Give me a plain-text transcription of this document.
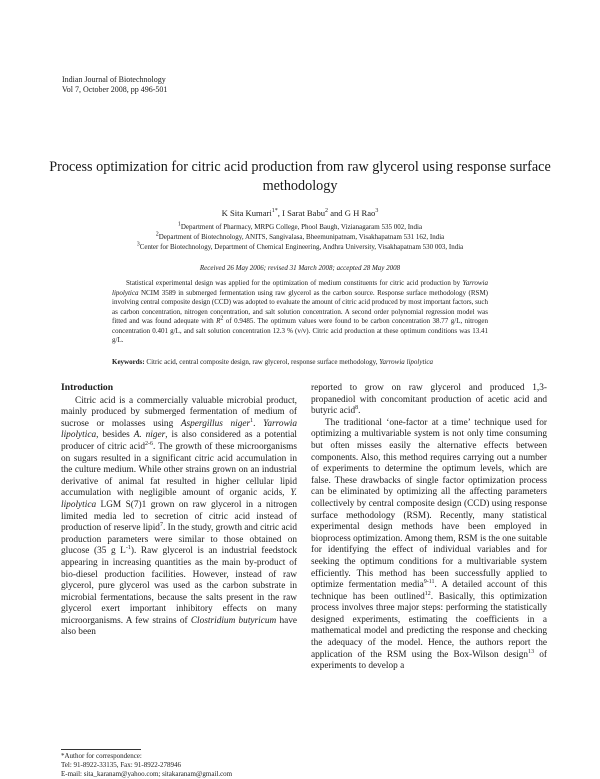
Indian Journal of Biotechnology
Vol 7, October 2008, pp 496-501
Process optimization for citric acid production from raw glycerol using response surface methodology
K Sita Kumari$^{1*}$, I Sarat Babu$^2$ and G H Rao$^3$
$^1$Department of Pharmacy, MRPG College, Phool Baugh, Vizianagaram 535 002, India
$^2$Department of Biotechnology, ANITS, Sangivalasa, Bheemunipatnam, Visakhapatnam 531 162, India
$^3$Center for Biotechnology, Department of Chemical Engineering, Andhra University, Visakhapatnam 530 003, India
Received 26 May 2006; revised 31 March 2008; accepted 28 May 2008
Statistical experimental design was applied for the optimization of medium constituents for citric acid production by Yarrowia lipolytica NCIM 3589 in submerged fermentation using raw glycerol as the carbon source. Response surface methodology (RSM) involving central composite design (CCD) was adopted to evaluate the amount of citric acid produced by most important factors, such as carbon concentration, nitrogen concentration, and salt solution concentration. A second order polynomial regression model was fitted and was found adequate with $R^2$ of 0.9485. The optimum values were found to be carbon concentration 38.77 g/L, nitrogen concentration 0.401 g/L, and salt solution concentration 12.3 % (v/v). Citric acid production at these optimum conditions was 13.41 g/L.
Keywords: Citric acid, central composite design, raw glycerol, response surface methodology, Yarrowia lipolytica
Introduction

Citric acid is a commercially valuable microbial product, mainly produced by submerged fermentation of medium of sucrose or molasses using Aspergillus niger$^1$. Yarrowia lipolytica, besides A. niger, is also considered as a potential producer of citric acid$^{2-6}$. The growth of these microorganisms on sugars resulted in a significant citric acid accumulation in the culture medium. While other strains grown on an industrial derivative of animal fat resulted in higher cellular lipid accumulation with negligible amount of organic acids, Y. lipolytica LGM S(7)1 grown on raw glycerol in a nitrogen limited media led to secretion of citric acid instead of production of reserve lipid$^7$. In the study, growth and citric acid production parameters were similar to those obtained on glucose (35 g $L^{-1}$). Raw glycerol is an industrial feedstock appearing in increasing quantities as the main by-product of bio-diesel production facilities. However, instead of raw glycerol, pure glycerol was used as the carbon substrate in microbial fermentations, because the salts present in the raw glycerol exert important inhibitory effects on many microorganisms. A few strains of Clostridium butyricum have also been

reported to grow on raw glycerol and produced 1,3-propanediol with concomitant production of acetic acid and butyric acid$^8$.

The traditional ‘one-factor at a time’ technique used for optimizing a multivariable system is not only time consuming but often misses easily the alternative effects between components. Also, this method requires carrying out a number of experiments to determine the optimum levels, which are false. These drawbacks of single factor optimization process can be eliminated by optimizing all the affecting parameters collectively by central composite design (CCD) using response surface methodology (RSM). Recently, many statistical experimental design methods have been employed in bioprocess optimization. Among them, RSM is the one suitable for identifying the effect of individual variables and for seeking the optimum conditions for a multivariable system efficiently. This method has been successfully applied to optimize fermentation media$^{9-11}$. A detailed account of this technique has been outlined$^{12}$. Basically, this optimization process involves three major steps: performing the statistically designed experiments, estimating the coefficients in a mathematical model and predicting the response and checking the adequacy of the model. Hence, the authors report the application of the RSM using the Box-Wilson design$^{13}$ of experiments to develop a

*Author for correspondence:
Tel: 91-8922-33135, Fax: 91-8922-278946
E-mail: sita_karanam@yahoo.com; sitakaranam@gmail.com
